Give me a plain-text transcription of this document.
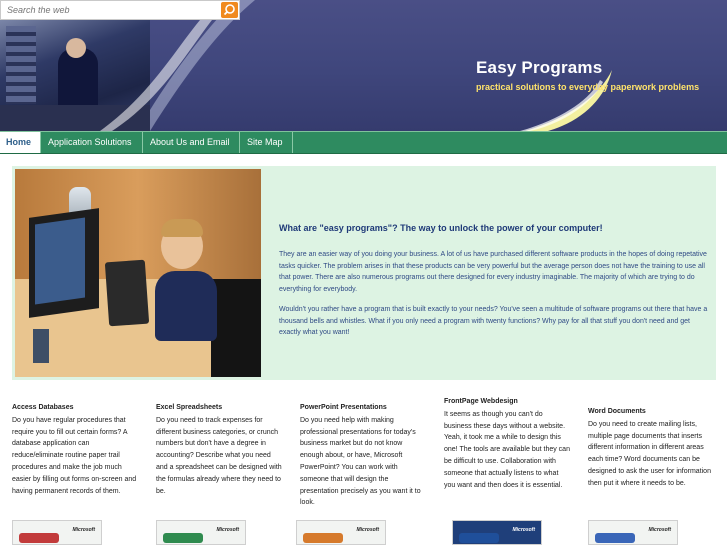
Search the web
Easy Programs
practical solutions to everyday paperwork problems
Home	Application Solutions	About Us and Email	Site Map
What are "easy programs"? The way to unlock the power of your computer!
They are an easier way of you doing your business. A lot of us have purchased different software products in the hopes of doing repetative tasks quicker. The problem arises in that these products can be very powerful but the average person does not have the training to use all that power. There are also numerous programs out there designed for every industry imaginable. The majority of which are trying to do everything for everybody.
Wouldn't you rather have a program that is built exactly to your needs? You've seen a multitude of software programs out there that have a thousand bells and whistles. What if you only need a program with twenty functions? Why pay for all that stuff you don't need and get exactly what you want!
Access Databases
Do you have regular procedures that require you to fill out certain forms? A database application can reduce/eliminate routine paper trail procedures and make the job much easier by filling out forms on-screen and having permanent records of them.
Excel Spreadsheets
Do you need to track expenses for different business categories, or crunch numbers but don't have a degree in accounting? Describe what you need and a spreadsheet can be designed with the formulas already where they need to be.
PowerPoint Presentations
Do you need help with making professional presentations for today's business market but do not know enough about, or have, Microsoft PowerPoint? You can work with someone that will design the presentation precisely as you want it to look.
FrontPage Webdesign
It seems as though you can't do business these days without a website. Yeah, it took me a while to design this one! The tools are available but they can be difficult to use. Collaboration with someone that actually listens to what you want and then does it is essential.
Word Documents
Do you need to create mailing lists, multiple page documents that inserts different information in different areas each time? Word documents can be designed to ask the user for information then put it where it needs to be.
Microsoft	Microsoft	Microsoft	Microsoft	Microsoft
